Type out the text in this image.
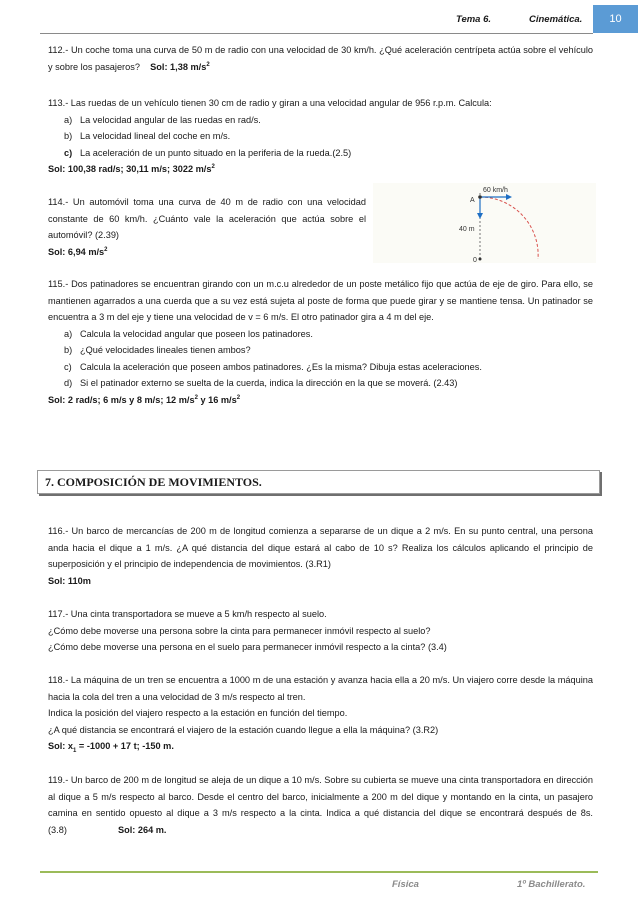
Tema 6.	Cinemática.	10

112.- Un coche toma una curva de 50 m de radio con una velocidad de 30 km/h. ¿Qué aceleración centrípeta actúa sobre el vehículo y sobre los pasajeros? Sol: 1,38 $m/s^2$

113.- Las ruedas de un vehículo tienen 30 cm de radio y giran a una velocidad angular de 956 r.p.m. Calcula:

a) La velocidad angular de las ruedas en rad/s.
b) La velocidad lineal del coche en m/s.
c) La aceleración de un punto situado en la periferia de la rueda.(2.5)

Sol: 100,38 rad/s; 30,11 m/s; 3022 $m/s^2$

114.- Un automóvil toma una curva de 40 m de radio con una velocidad constante de 60 km/h. ¿Cuánto vale la aceleración que actúa sobre el automóvil? (2.39)

Sol: 6,94 $m/s^2$

A
60 km/h
40 m
0

115.- Dos patinadores se encuentran girando con un m.c.u alrededor de un poste metálico fijo que actúa de eje de giro. Para ello, se mantienen agarrados a una cuerda que a su vez está sujeta al poste de forma que puede girar y se mantiene tensa. Un patinador se encuentra a 3 m del eje y tiene una velocidad de v = 6 m/s. El otro patinador gira a 4 m del eje.

a) Calcula la velocidad angular que poseen los patinadores.
b) ¿Qué velocidades lineales tienen ambos?
c) Calcula la aceleración que poseen ambos patinadores. ¿Es la misma? Dibuja estas aceleraciones.
d) Si el patinador externo se suelta de la cuerda, indica la dirección en la que se moverá. (2.43)

Sol: 2 rad/s; 6 m/s y 8 m/s; 12 $m/s^2$ y 16 $m/s^2$

7. COMPOSICIÓN DE MOVIMIENTOS.

116.- Un barco de mercancías de 200 m de longitud comienza a separarse de un dique a 2 m/s. En su punto central, una persona anda hacia el dique a 1 m/s. ¿A qué distancia del dique estará al cabo de 10 s? Realiza los cálculos aplicando el principio de superposición y el principio de independencia de movimientos. (3.R1)

Sol: 110m

117.- Una cinta transportadora se mueve a 5 km/h respecto al suelo.

¿Cómo debe moverse una persona sobre la cinta para permanecer inmóvil respecto al suelo?

¿Cómo debe moverse una persona en el suelo para permanecer inmóvil respecto a la cinta? (3.4)

118.- La máquina de un tren se encuentra a 1000 m de una estación y avanza hacia ella a 20 m/s. Un viajero corre desde la máquina hacia la cola del tren a una velocidad de 3 m/s respecto al tren.

Indica la posición del viajero respecto a la estación en función del tiempo.

¿A qué distancia se encontrará el viajero de la estación cuando llegue a ella la máquina? (3.R2)

Sol: $x_1 = -1000 + 17$ t; -150 m.

119.- Un barco de 200 m de longitud se aleja de un dique a 10 m/s. Sobre su cubierta se mueve una cinta transportadora en dirección al dique a 5 m/s respecto al barco. Desde el centro del barco, inicialmente a 200 m del dique y montando en la cinta, un pasajero camina en sentido opuesto al dique a 3 m/s respecto a la cinta. Indica a qué distancia del dique se encontrará después de 8s. (3.8)	Sol: 264 m.

Física	1º Bachillerato.
